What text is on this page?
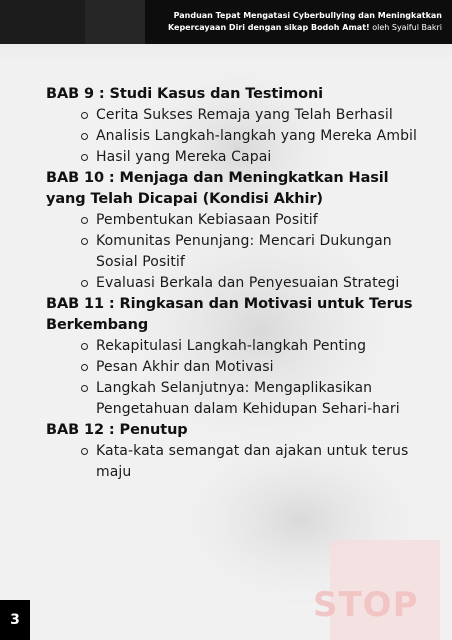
Panduan Tepat Mengatasi Cyberbullying dan Meningkatkan
Kepercayaan Diri dengan sikap Bodoh Amat! oleh Syaiful Bakri
STOP
BAB 9 : Studi Kasus dan Testimoni
Cerita Sukses Remaja yang Telah Berhasil
Analisis Langkah-langkah yang Mereka Ambil
Hasil yang Mereka Capai
BAB 10 : Menjaga dan Meningkatkan Hasil yang Telah Dicapai (Kondisi Akhir)
Pembentukan Kebiasaan Positif
Komunitas Penunjang: Mencari Dukungan Sosial Positif
Evaluasi Berkala dan Penyesuaian Strategi
BAB 11 : Ringkasan dan Motivasi untuk Terus Berkembang
Rekapitulasi Langkah-langkah Penting
Pesan Akhir dan Motivasi
Langkah Selanjutnya: Mengaplikasikan Pengetahuan dalam Kehidupan Sehari-hari
BAB 12 : Penutup
Kata-kata semangat dan ajakan untuk terus maju
3
